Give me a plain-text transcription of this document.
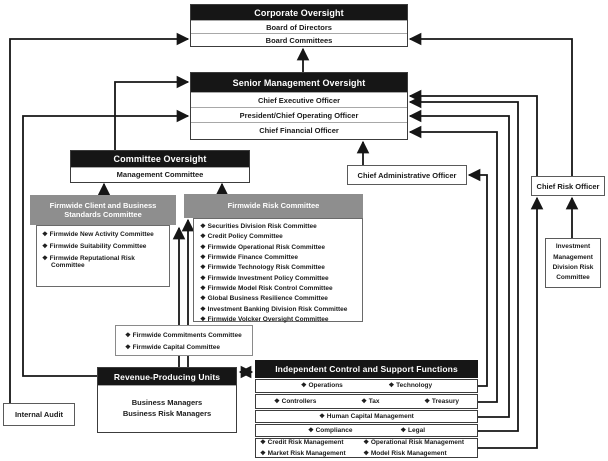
Corporate Oversight
Board of Directors
Board Committees
Senior Management Oversight
Chief Executive Officer
President/Chief Operating Officer
Chief Financial Officer
Committee Oversight
Management Committee	Chief Administrative Officer
Chief Risk Officer
Firmwide Client and Business Standards Committee
❖ Firmwide New Activity Committee
❖ Firmwide Suitability Committee
❖ Firmwide Reputational Risk Committee
Firmwide Risk Committee
❖ Securities Division Risk Committee
❖ Credit Policy Committee
❖ Firmwide Operational Risk Committee
❖ Firmwide Finance Committee
❖ Firmwide Technology Risk Committee
❖ Firmwide Investment Policy Committee
❖ Firmwide Model Risk Control Committee
❖ Global Business Resilience Committee
❖ Investment Banking Division Risk Committee
❖ Firmwide Volcker Oversight Committee
❖ Firmwide Commitments Committee
❖ Firmwide Capital Committee
Revenue-Producing Units
Business Managers
Business Risk Managers
Independent Control and Support Functions
❖ Operations	❖ Technology
❖ Controllers	❖ Tax	❖ Treasury
❖ Human Capital Management
❖ Compliance	❖ Legal
❖ Credit Risk Management	❖ Operational Risk Management
❖ Market Risk Management	❖ Model Risk Management
Internal Audit
Investment Management Division Risk Committee
